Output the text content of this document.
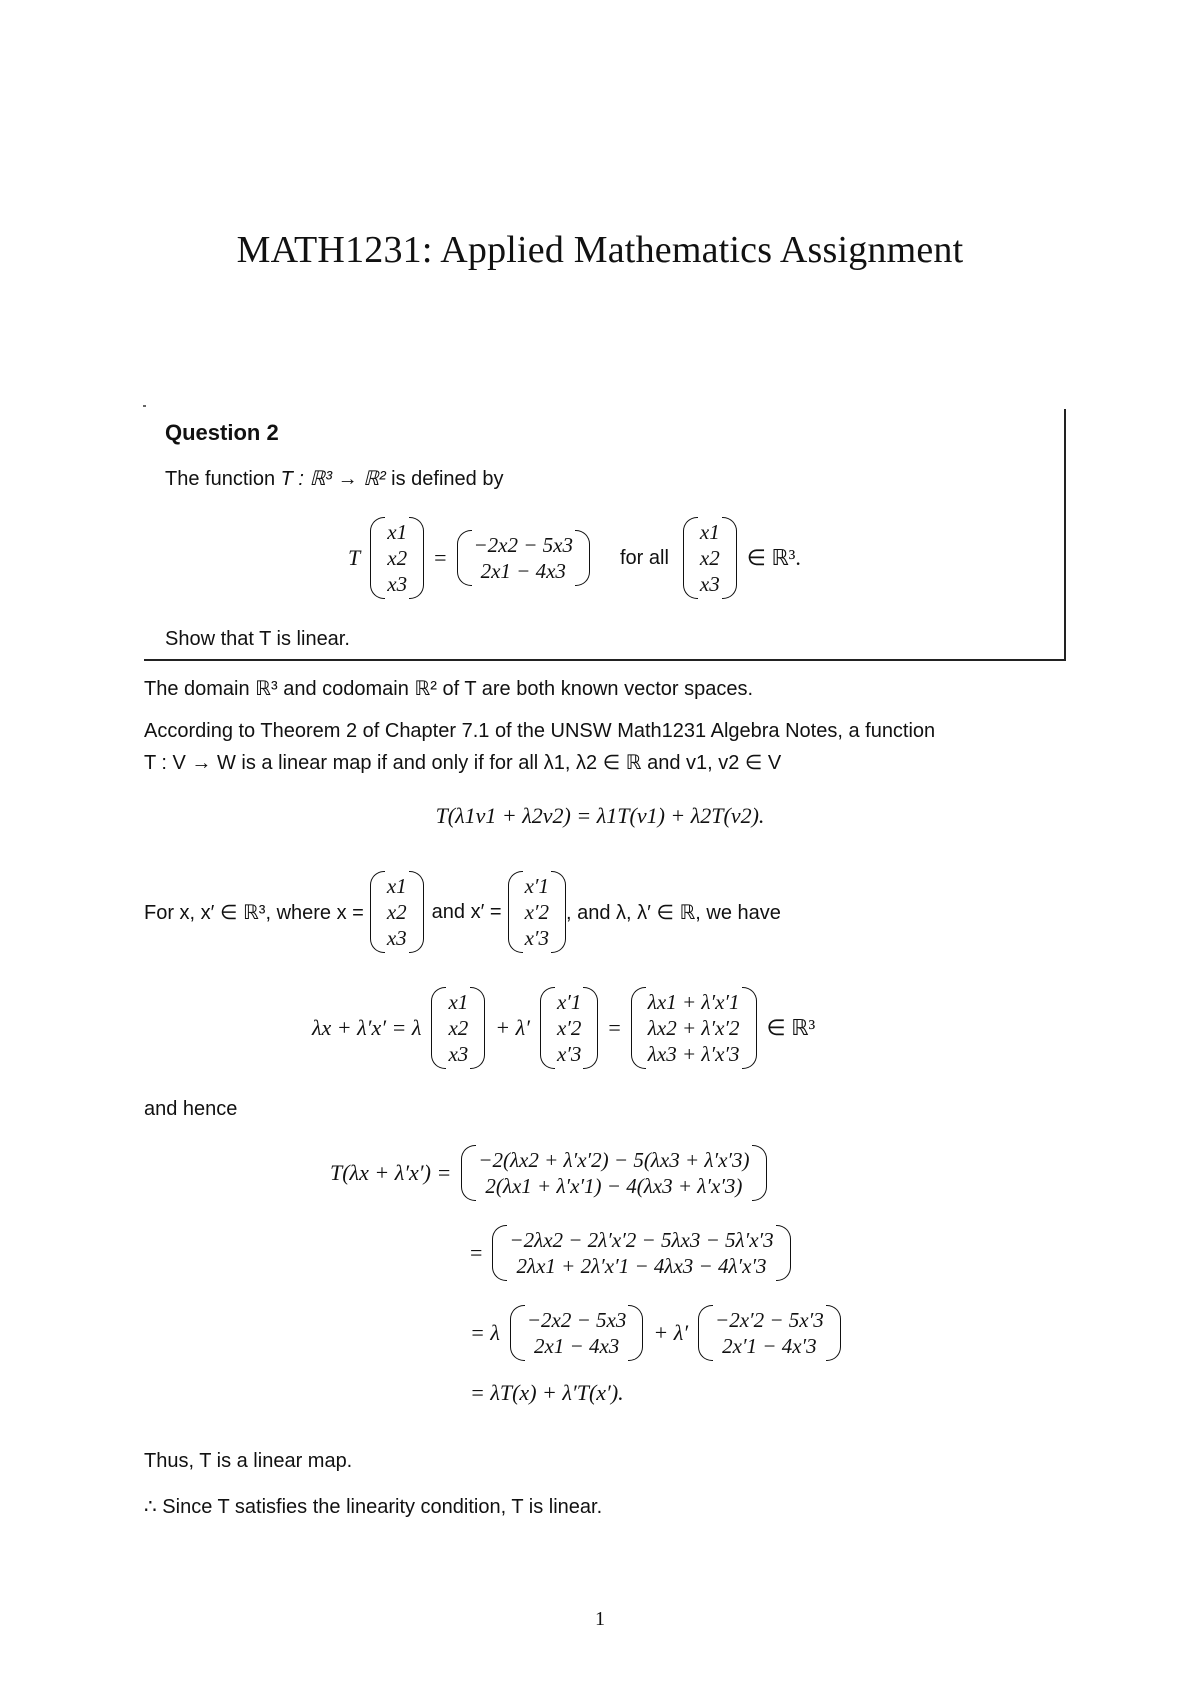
MATH1231: Applied Mathematics Assignment
Question 2
The function T : ℝ³ → ℝ² is defined by
T
x1
x2
x3
= −2x2 − 5x3
2x1 − 4x3
for all
x1
x2
x3
∈ ℝ³.
Show that T is linear.
The domain ℝ³ and codomain ℝ² of T are both known vector spaces.
According to Theorem 2 of Chapter 7.1 of the UNSW Math1231 Algebra Notes, a function
T : V → W is a linear map if and only if for all λ1, λ2 ∈ ℝ and v1, v2 ∈ V
T(λ1v1 + λ2v2) = λ1T(v1) + λ2T(v2).
For x, x′ ∈ ℝ³, where x =
x1
x2
x3
and x′ =
x′1
x′2
x′3
, and λ, λ′ ∈ ℝ, we have
λx + λ′x′ = λ
x1
x2
x3
+ λ′
x′1
x′2
x′3
=
λx1 + λ′x′1
λx2 + λ′x′2
λx3 + λ′x′3
∈ ℝ³
and hence
T(λx + λ′x′) = −2(λx2 + λ′x′2) − 5(λx3 + λ′x′3)
2(λx1 + λ′x′1) − 4(λx3 + λ′x′3)
= −2λx2 − 2λ′x′2 − 5λx3 − 5λ′x′3
2λx1 + 2λ′x′1 − 4λx3 − 4λ′x′3
= λ −2x2 − 5x3
2x1 − 4x3
+ λ′ −2x′2 − 5x′3
2x′1 − 4x′3
= λT(x) + λ′T(x′).
Thus, T is a linear map.
∴ Since T satisfies the linearity condition, T is linear.
1
